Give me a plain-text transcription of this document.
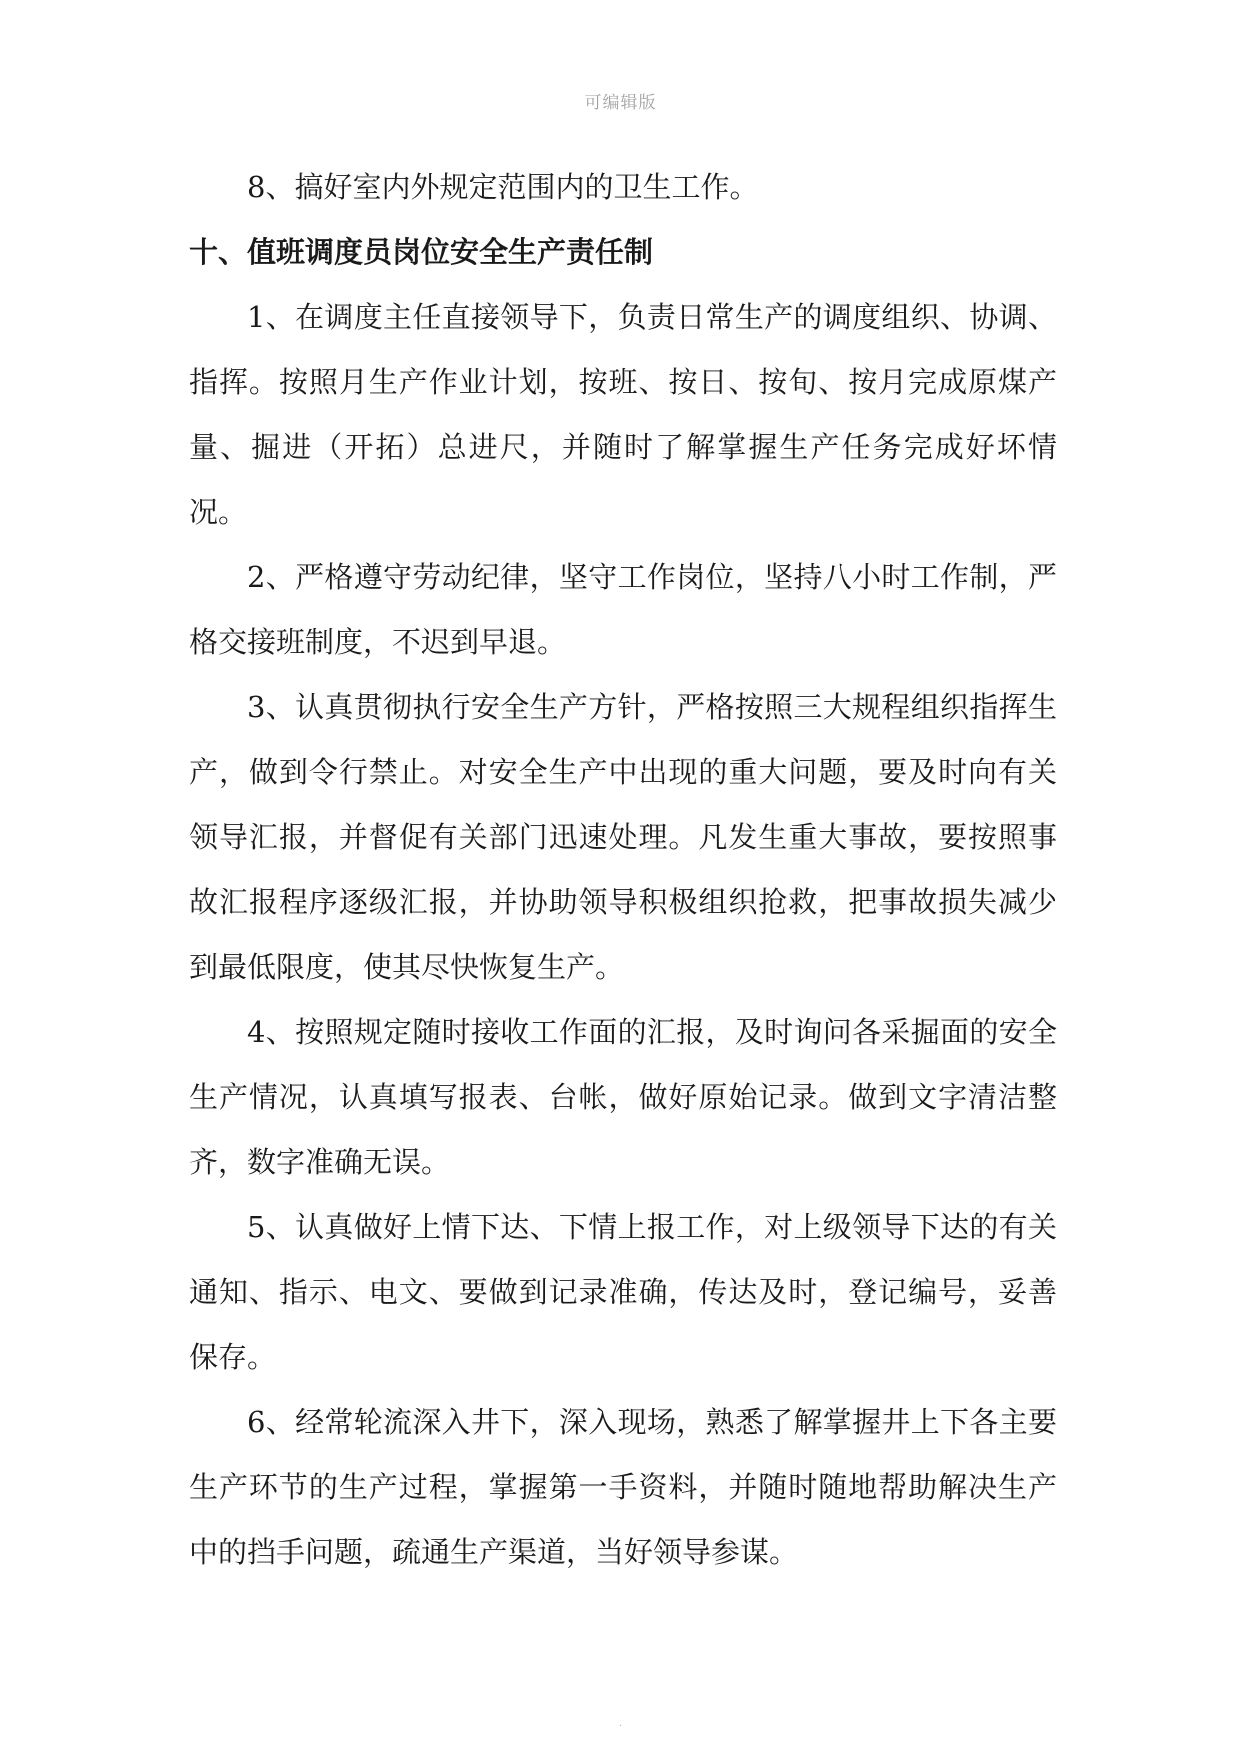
可编辑版

8、搞好室内外规定范围内的卫生工作。

十、值班调度员岗位安全生产责任制

1、在调度主任直接领导下，负责日常生产的调度组织、协调、指挥。按照月生产作业计划，按班、按日、按旬、按月完成原煤产量、掘进（开拓）总进尺，并随时了解掌握生产任务完成好坏情况。

2、严格遵守劳动纪律，坚守工作岗位，坚持八小时工作制，严格交接班制度，不迟到早退。

3、认真贯彻执行安全生产方针，严格按照三大规程组织指挥生产，做到令行禁止。对安全生产中出现的重大问题，要及时向有关领导汇报，并督促有关部门迅速处理。凡发生重大事故，要按照事故汇报程序逐级汇报，并协助领导积极组织抢救，把事故损失减少到最低限度，使其尽快恢复生产。

4、按照规定随时接收工作面的汇报，及时询问各采掘面的安全生产情况，认真填写报表、台帐，做好原始记录。做到文字清洁整齐，数字准确无误。

5、认真做好上情下达、下情上报工作，对上级领导下达的有关通知、指示、电文、要做到记录准确，传达及时，登记编号，妥善保存。

6、经常轮流深入井下，深入现场，熟悉了解掌握井上下各主要生产环节的生产过程，掌握第一手资料，并随时随地帮助解决生产中的挡手问题，疏通生产渠道，当好领导参谋。

.
